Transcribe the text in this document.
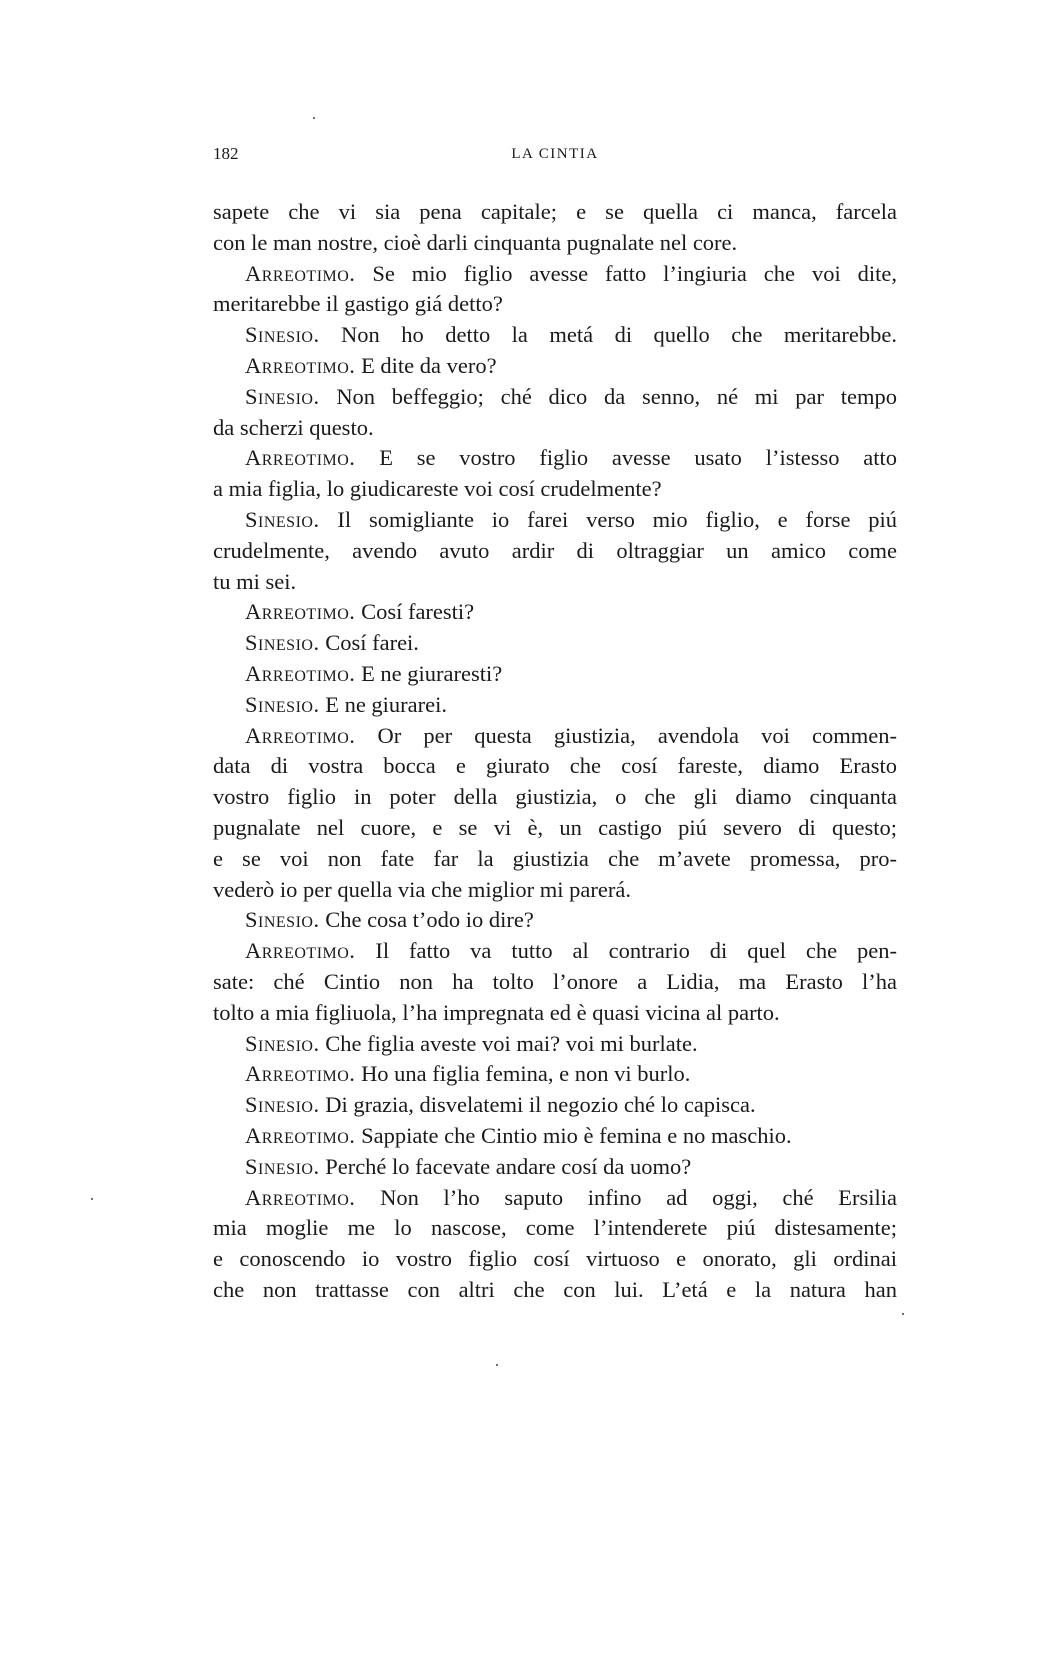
182	LA CINTIA
sapete che vi sia pena capitale; e se quella ci manca, farcela
con le man nostre, cioè darli cinquanta pugnalate nel core.
Arreotimo. Se mio figlio avesse fatto l’ingiuria che voi dite,
meritarebbe il gastigo giá detto?
Sinesio. Non ho detto la metá di quello che meritarebbe.
Arreotimo. E dite da vero?
Sinesio. Non beffeggio; ché dico da senno, né mi par tempo
da scherzi questo.
Arreotimo. E se vostro figlio avesse usato l’istesso atto
a mia figlia, lo giudicareste voi cosí crudelmente?
Sinesio. Il somigliante io farei verso mio figlio, e forse piú
crudelmente, avendo avuto ardir di oltraggiar un amico come
tu mi sei.
Arreotimo. Cosí faresti?
Sinesio. Cosí farei.
Arreotimo. E ne giuraresti?
Sinesio. E ne giurarei.
Arreotimo. Or per questa giustizia, avendola voi commen-
data di vostra bocca e giurato che cosí fareste, diamo Erasto
vostro figlio in poter della giustizia, o che gli diamo cinquanta
pugnalate nel cuore, e se vi è, un castigo piú severo di questo;
e se voi non fate far la giustizia che m’avete promessa, pro-
vederò io per quella via che miglior mi parerá.
Sinesio. Che cosa t’odo io dire?
Arreotimo. Il fatto va tutto al contrario di quel che pen-
sate: ché Cintio non ha tolto l’onore a Lidia, ma Erasto l’ha
tolto a mia figliuola, l’ha impregnata ed è quasi vicina al parto.
Sinesio. Che figlia aveste voi mai? voi mi burlate.
Arreotimo. Ho una figlia femina, e non vi burlo.
Sinesio. Di grazia, disvelatemi il negozio ché lo capisca.
Arreotimo. Sappiate che Cintio mio è femina e no maschio.
Sinesio. Perché lo facevate andare cosí da uomo?
Arreotimo. Non l’ho saputo infino ad oggi, ché Ersilia
mia moglie me lo nascose, come l’intenderete piú distesamente;
e conoscendo io vostro figlio cosí virtuoso e onorato, gli ordinai
che non trattasse con altri che con lui. L’etá e la natura han
